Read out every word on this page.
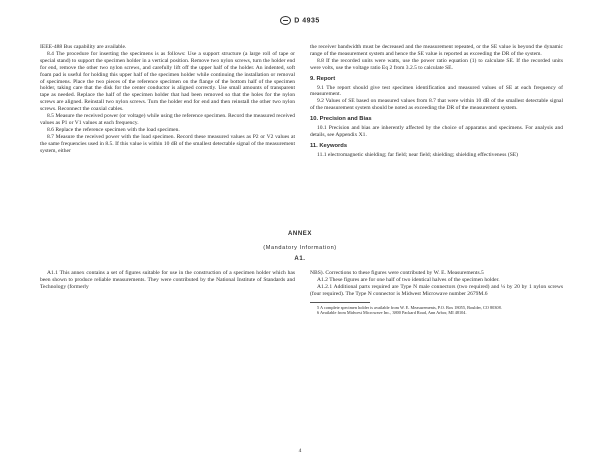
D 4935

IEEE-488 Bus capability are available.

8.4 The procedure for inserting the specimens is as follows: Use a support structure (a large roll of tape or special stand) to support the specimen holder in a vertical position. Remove two nylon screws, turn the holder end for end, remove the other two nylon screws, and carefully lift off the upper half of the holder. An indented, soft foam pad is useful for holding this upper half of the specimen holder while continuing the installation or removal of specimens. Place the two pieces of the reference specimen on the flange of the bottom half of the specimen holder, taking care that the disk for the center conductor is aligned correctly. Use small amounts of transparent tape as needed. Replace the half of the specimen holder that had been removed so that the holes for the nylon screws are aligned. Reinstall two nylon screws. Turn the holder end for end and then reinstall the other two nylon screws. Reconnect the coaxial cables.

8.5 Measure the received power (or voltage) while using the reference specimen. Record the measured received values as P1 or V1 values at each frequency.

8.6 Replace the reference specimen with the load specimen.

8.7 Measure the received power with the load specimen. Record these measured values as P2 or V2 values at the same frequencies used in 8.5. If this value is within 10 dB of the smallest detectable signal of the measurement system, either

the receiver bandwidth must be decreased and the measurement repeated, or the SE value is beyond the dynamic range of the measurement system and hence the SE value is reported as exceeding the DR of the system.

8.8 If the recorded units were watts, use the power ratio equation (1) to calculate SE. If the recorded units were volts, use the voltage ratio Eq 2 from 3.2.5 to calculate SE.

9. Report

9.1 The report should give test specimen identification and measured values of SE at each frequency of measurement.

9.2 Values of SE based on measured values from 8.7 that were within 10 dB of the smallest detectable signal of the measurement system should be noted as exceeding the DR of the measurement system.

10. Precision and Bias

10.1 Precision and bias are inherently affected by the choice of apparatus and specimens. For analysis and details, see Appendix X1.

11. Keywords

11.1 electromagnetic shielding; far field; near field; shielding; shielding effectiveness (SE)

ANNEX
(Mandatory Information)
A1.

A1.1 This annex contains a set of figures suitable for use in the construction of a specimen holder which has been shown to produce reliable measurements. They were contributed by the National Institute of Standards and Technology (formerly

NBS). Corrections to these figures were contributed by W. E. Measurements.5

A1.2 These figures are for one half of two identical halves of the specimen holder.

A1.2.1 Additional parts required are Type N male connectors (two required) and ¼ by 20 by 1 nylon screws (four required). The Type N connector is Midwest Microwave number 2679M.6

5 A complete specimen holder is available from W. E. Measurements, P.O. Box 18055, Boulder, CO 80308.

6 Available from Midwest Microwave Inc., 3800 Packard Road, Ann Arbor, MI 48104.

4
